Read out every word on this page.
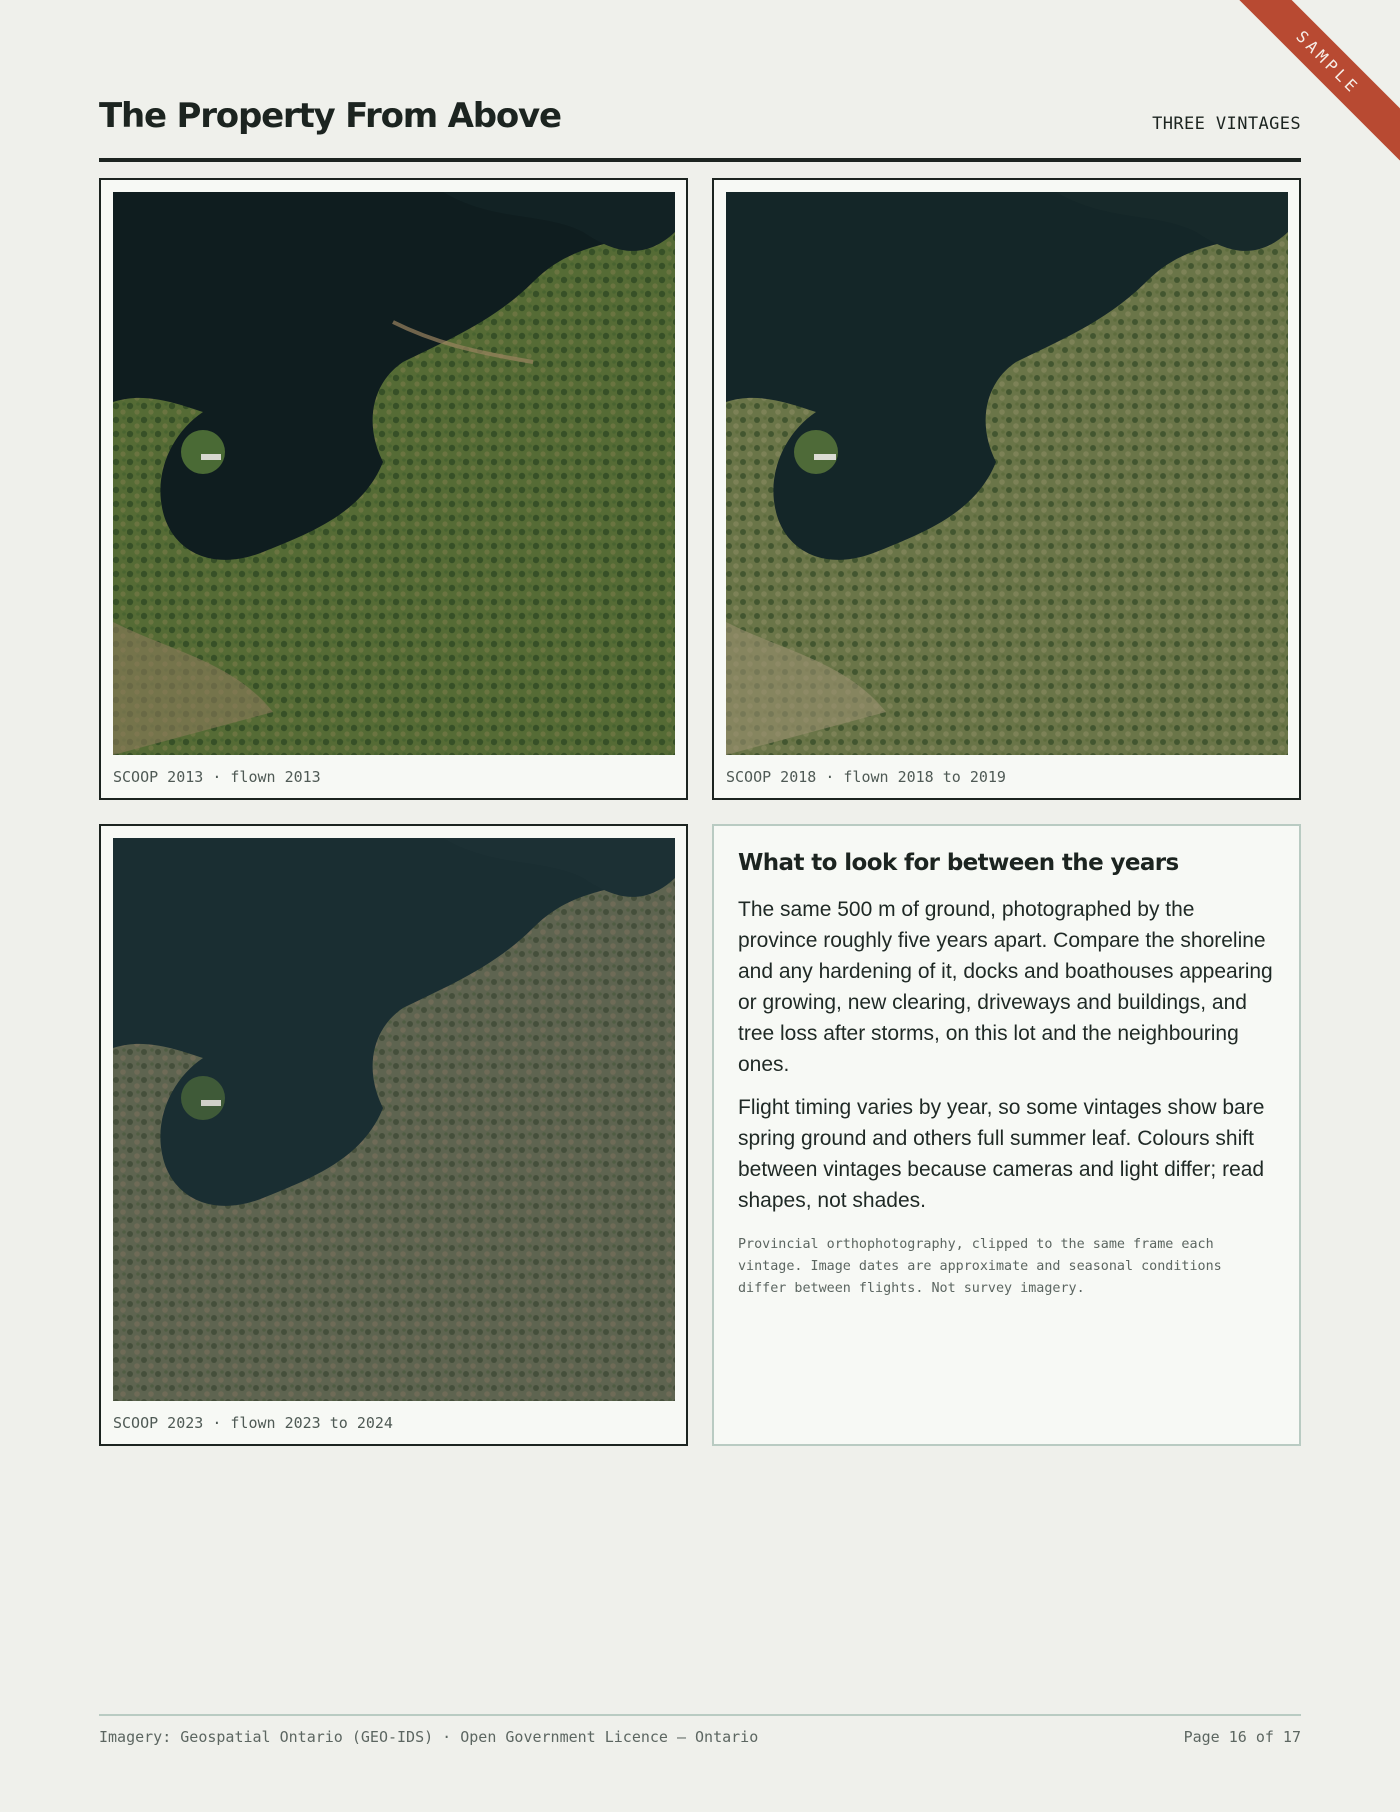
SAMPLE
The Property From Above	THREE VINTAGES
SCOOP 2013 · flown 2013	SCOOP 2018 · flown 2018 to 2019
SCOOP 2023 · flown 2023 to 2024
What to look for between the years

The same 500 m of ground, photographed by the province roughly five years apart. Compare the shoreline and any hardening of it, docks and boathouses appearing or growing, new clearing, driveways and buildings, and tree loss after storms, on this lot and the neighbouring ones.

Flight timing varies by year, so some vintages show bare spring ground and others full summer leaf. Colours shift between vintages because cameras and light differ; read shapes, not shades.

Provincial orthophotography, clipped to the same frame each vintage. Image dates are approximate and seasonal conditions differ between flights. Not survey imagery.

Imagery: Geospatial Ontario (GEO-IDS) · Open Government Licence – Ontario	Page 16 of 17
